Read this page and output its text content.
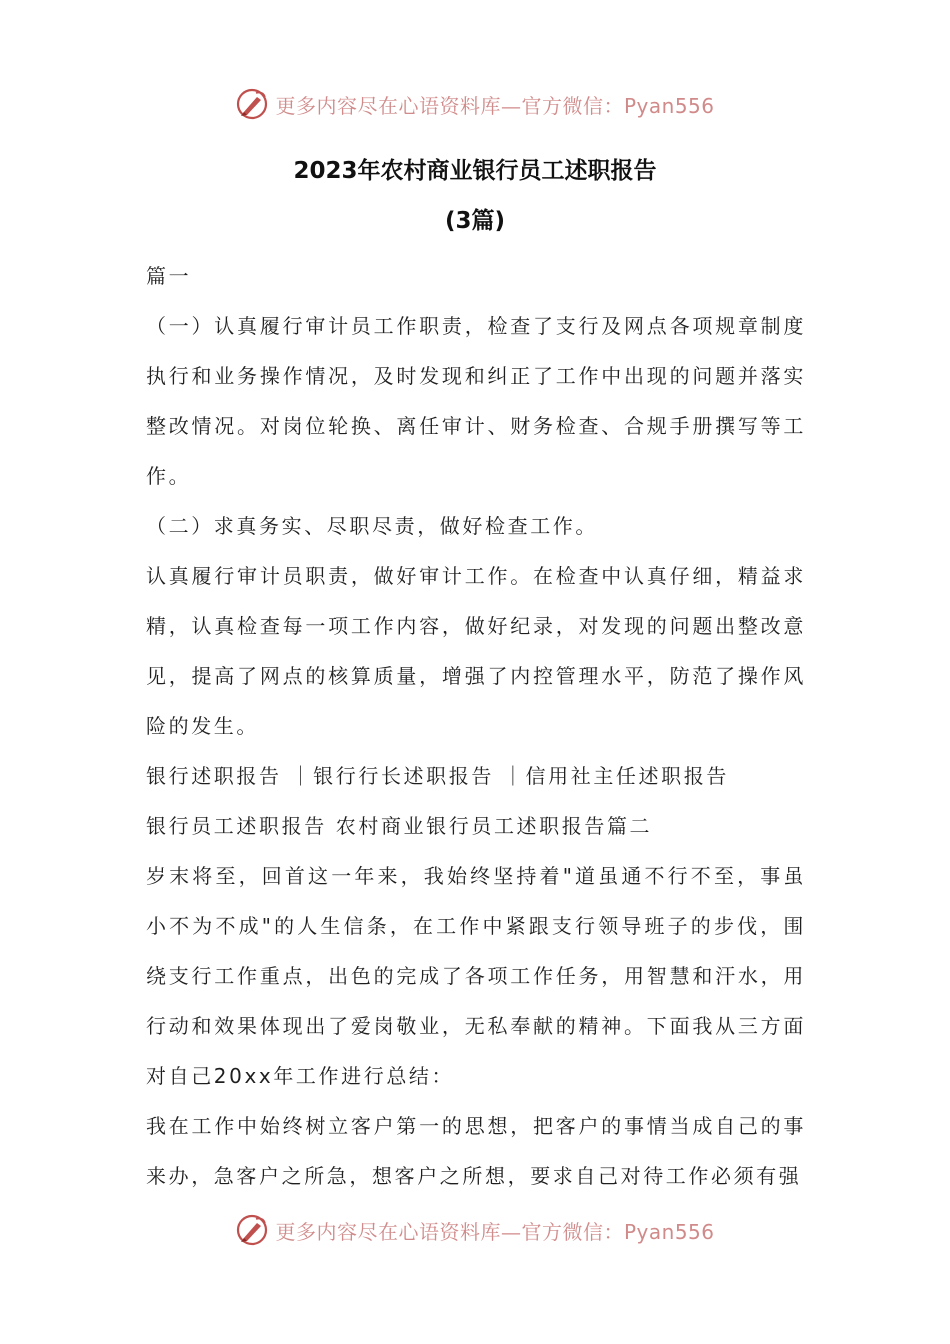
更多内容尽在心语资料库—官方微信：Pyan556
2023年农村商业银行员工述职报告
(3篇)

篇一

（一）认真履行审计员工作职责，检查了支行及网点各项规章制度执行和业务操作情况，及时发现和纠正了工作中出现的问题并落实整改情况。对岗位轮换、离任审计、财务检查、合规手册撰写等工作。

（二）求真务实、尽职尽责，做好检查工作。

认真履行审计员职责，做好审计工作。在检查中认真仔细，精益求精，认真检查每一项工作内容，做好纪录，对发现的问题出整改意见，提高了网点的核算质量，增强了内控管理水平，防范了操作风险的发生。

银行述职报告 ｜银行行长述职报告 ｜信用社主任述职报告

银行员工述职报告 农村商业银行员工述职报告篇二

岁末将至，回首这一年来，我始终坚持着"道虽通不行不至，事虽小不为不成"的人生信条，在工作中紧跟支行领导班子的步伐，围绕支行工作重点，出色的完成了各项工作任务，用智慧和汗水，用行动和效果体现出了爱岗敬业，无私奉献的精神。下面我从三方面对自己20xx年工作进行总结：

我在工作中始终树立客户第一的思想，把客户的事情当成自己的事来办，急客户之所急，想客户之所想，要求自己对待工作必须有强

更多内容尽在心语资料库—官方微信：Pyan556
